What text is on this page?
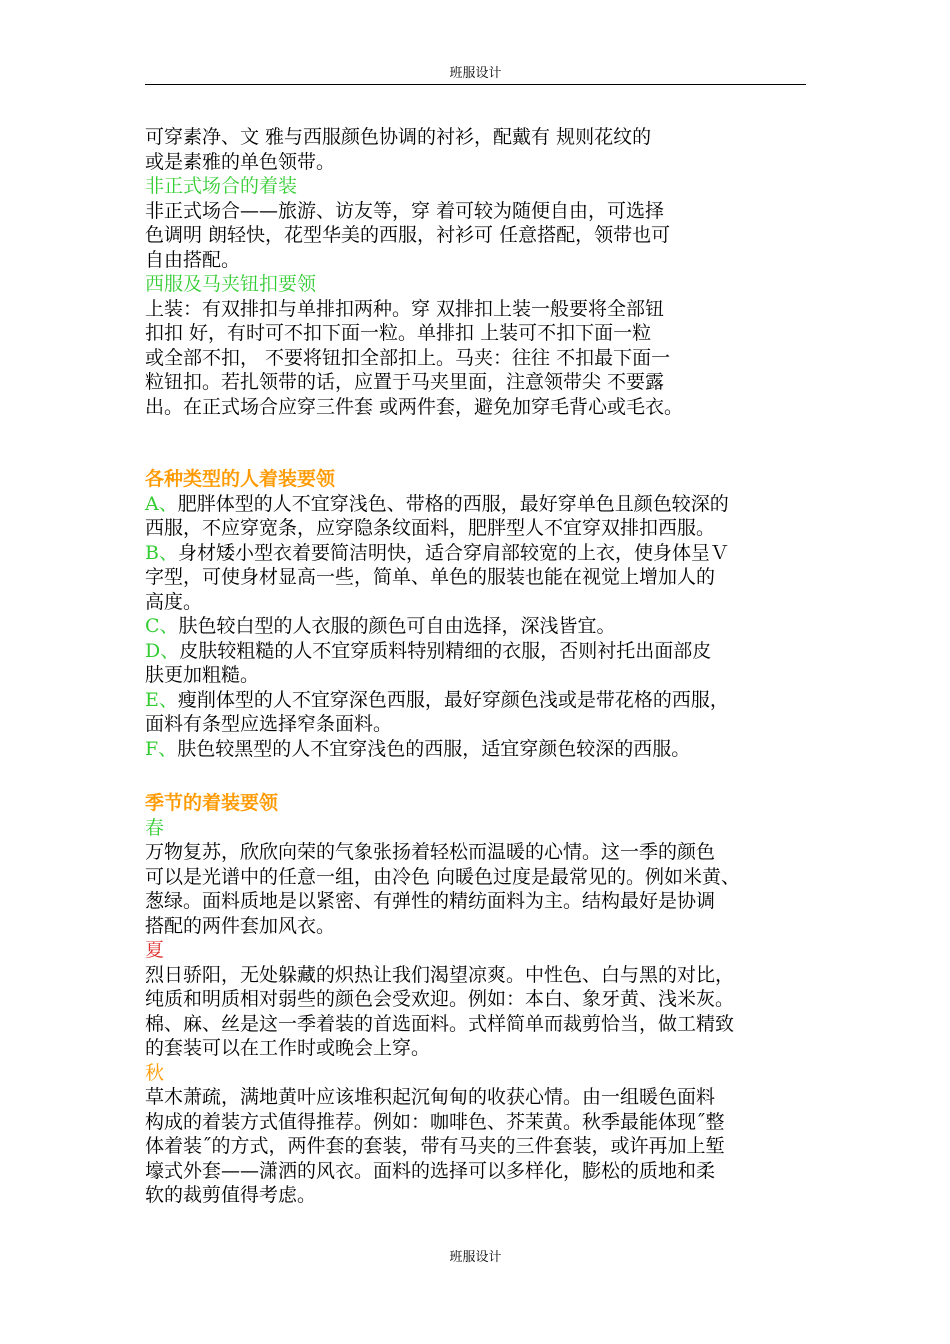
班服设计
可穿素净、文 雅与西服颜色协调的衬衫，配戴有 规则花纹的
或是素雅的单色领带。
非正式场合的着装
非正式场合——旅游、访友等，穿 着可较为随便自由，可选择
色调明 朗轻快，花型华美的西服，衬衫可 任意搭配，领带也可
自由搭配。
西服及马夹钮扣要领
上装：有双排扣与单排扣两种。穿 双排扣上装一般要将全部钮
扣扣 好，有时可不扣下面一粒。单排扣 上装可不扣下面一粒
或全部不扣， 不要将钮扣全部扣上。马夹：往往 不扣最下面一
粒钮扣。若扎领带的话，应置于马夹里面，注意领带尖 不要露
出。在正式场合应穿三件套 或两件套，避免加穿毛背心或毛衣。
各种类型的人着装要领
A、肥胖体型的人不宜穿浅色、带格的西服，最好穿单色且颜色较深的
西服，不应穿宽条，应穿隐条纹面料，肥胖型人不宜穿双排扣西服。
B、身材矮小型衣着要简洁明快，适合穿肩部较宽的上衣，使身体呈Ｖ
字型，可使身材显高一些，简单、单色的服装也能在视觉上增加人的
高度。
C、肤色较白型的人衣服的颜色可自由选择，深浅皆宜。
D、皮肤较粗糙的人不宜穿质料特别精细的衣服，否则衬托出面部皮
肤更加粗糙。
E、瘦削体型的人不宜穿深色西服，最好穿颜色浅或是带花格的西服，
面料有条型应选择窄条面料。
F、肤色较黑型的人不宜穿浅色的西服，适宜穿颜色较深的西服。
季节的着装要领
春
万物复苏，欣欣向荣的气象张扬着轻松而温暖的心情。这一季的颜色
可以是光谱中的任意一组，由冷色 向暖色过度是最常见的。例如米黄、
葱绿。面料质地是以紧密、有弹性的精纺面料为主。结构最好是协调
搭配的两件套加风衣。
夏
烈日骄阳，无处躲藏的炽热让我们渴望凉爽。中性色、白与黑的对比，
纯质和明质相对弱些的颜色会受欢迎。例如：本白、象牙黄、浅米灰。
棉、麻、丝是这一季着装的首选面料。式样简单而裁剪恰当，做工精致
的套装可以在工作时或晚会上穿。
秋
草木萧疏，满地黄叶应该堆积起沉甸甸的收获心情。由一组暖色面料
构成的着装方式值得推荐。例如：咖啡色、芥茉黄。秋季最能体现˝整
体着装˝的方式，两件套的套装，带有马夹的三件套装，或许再加上堑
壕式外套——潇洒的风衣。面料的选择可以多样化，膨松的质地和柔
软的裁剪值得考虑。
班服设计
